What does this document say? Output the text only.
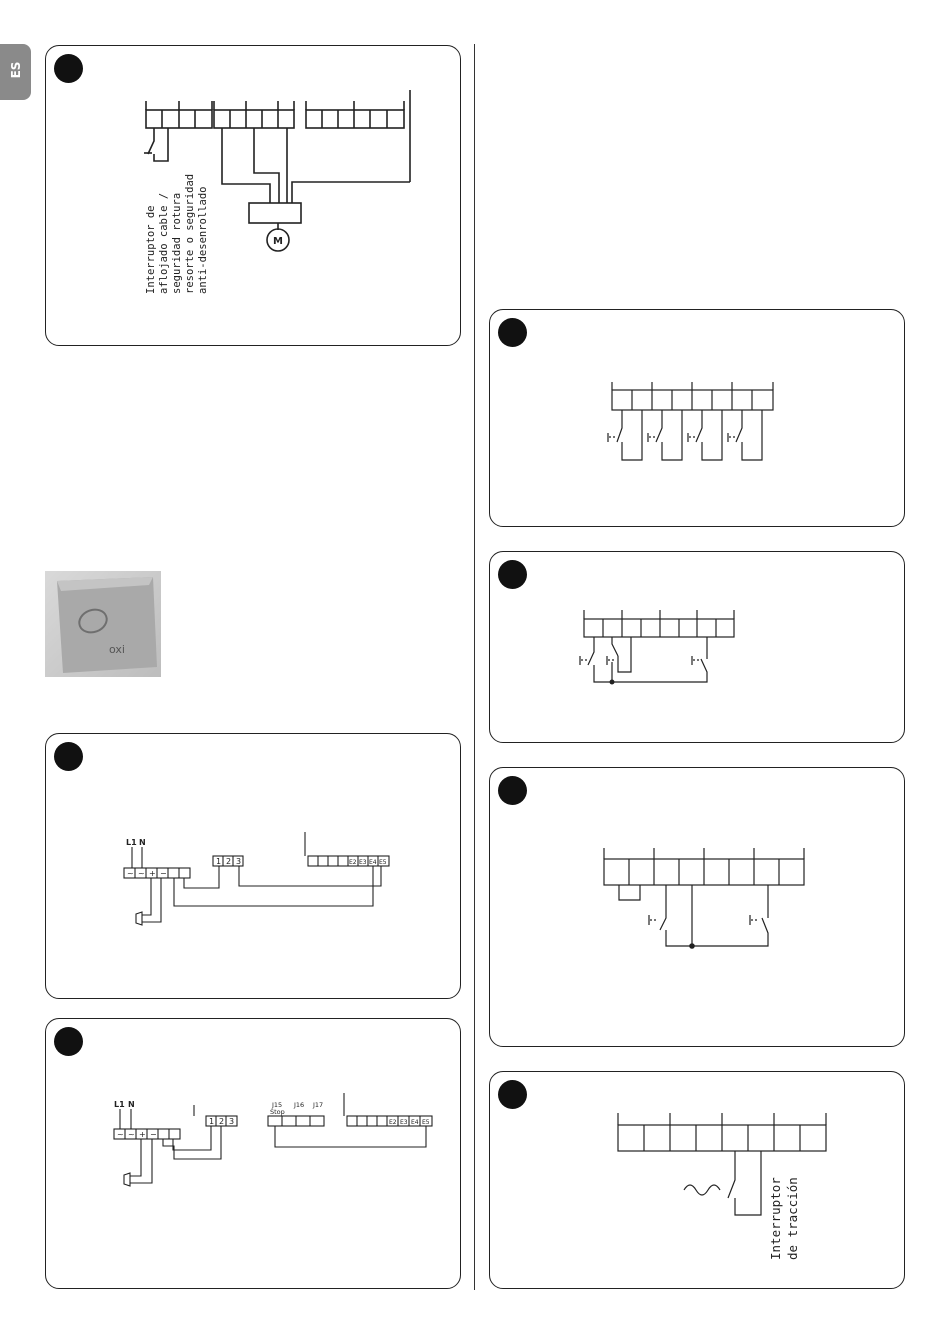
ES
M
Interruptor de aflojado cable / seguridad rotura resorte o seguridad anti-desenrollado
oxi
L1 N
~ ~ + −
1 2 3	E2 E3 E4 E5
L1 N
~ ~ + −
1 2 3
J15
Stop
J16 J17
E2 E3 E4 E5
Interruptor de tracción
